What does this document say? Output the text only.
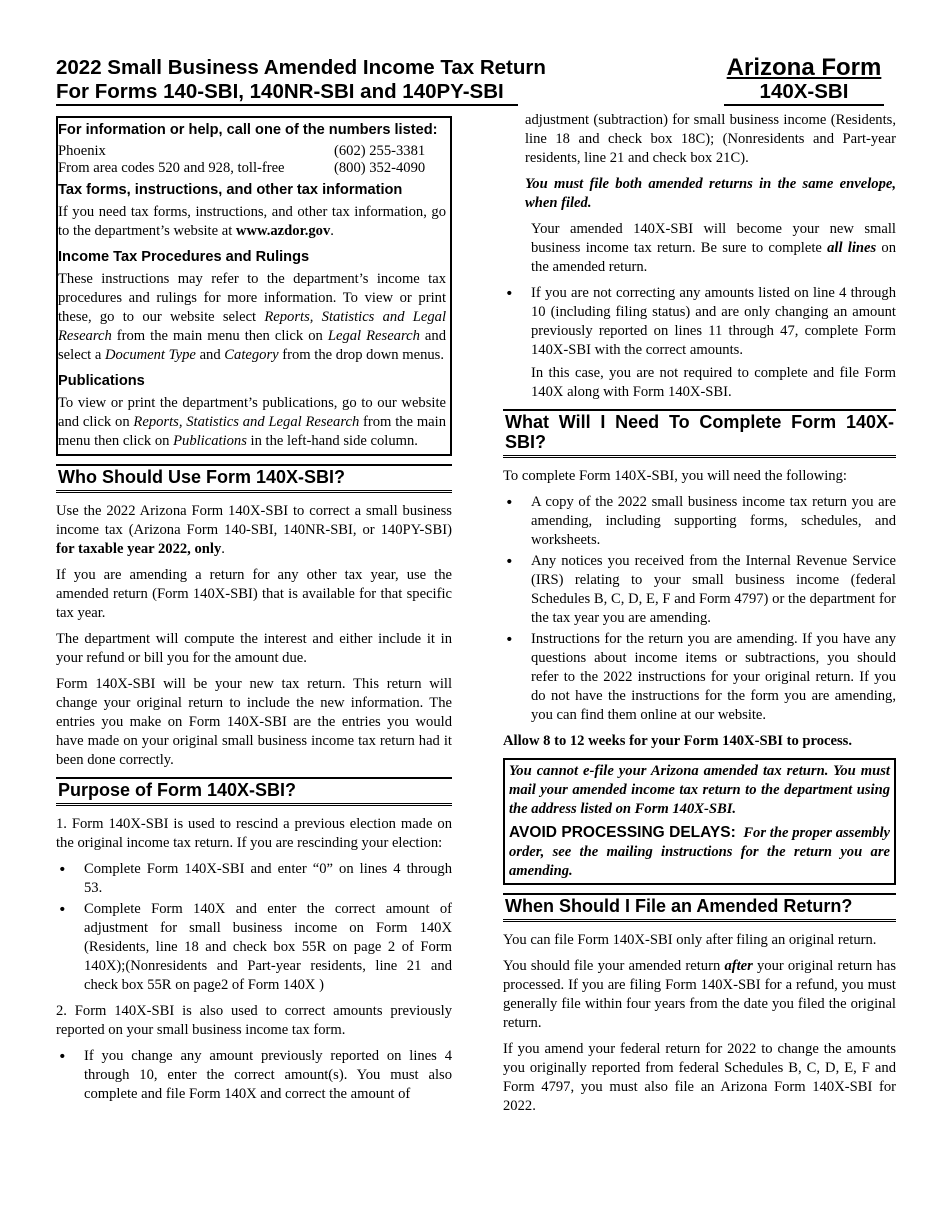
2022 Small Business Amended Income Tax Return
For Forms 140-SBI, 140NR-SBI and 140PY-SBI
Arizona Form
140X-SBI
For information or help, call one of the numbers listed:
Phoenix	(602) 255-3381
From area codes 520 and 928, toll-free	(800) 352-4090
Tax forms, instructions, and other tax information

If you need tax forms, instructions, and other tax information, go to the department’s website at www.azdor.gov.

Income Tax Procedures and Rulings

These instructions may refer to the department’s income tax procedures and rulings for more information. To view or print these, go to our website select Reports, Statistics and Legal Research from the main menu then click on Legal Research and select a Document Type and Category from the drop down menus.

Publications

To view or print the department’s publications, go to our website and click on Reports, Statistics and Legal Research from the main menu then click on Publications in the left-hand side column.

Who Should Use Form 140X-SBI?

Use the 2022 Arizona Form 140X-SBI to correct a small business income tax (Arizona Form 140-SBI, 140NR-SBI, or 140PY-SBI) for taxable year 2022, only.

If you are amending a return for any other tax year, use the amended return (Form 140X-SBI) that is available for that specific tax year.

The department will compute the interest and either include it in your refund or bill you for the amount due.

Form 140X-SBI will be your new tax return. This return will change your original return to include the new information. The entries you make on Form 140X-SBI are the entries you would have made on your original small business income tax return had it been done correctly.

Purpose of Form 140X-SBI?

1. Form 140X-SBI is used to rescind a previous election made on the original income tax return. If you are rescinding your election:

• Complete Form 140X-SBI and enter “0” on lines 4 through 53.
• Complete Form 140X and enter the correct amount of adjustment for small business income on Form 140X (Residents, line 18 and check box 55R on page 2 of Form 140X);(Nonresidents and Part-year residents, line 21 and check box 55R on page2 of Form 140X )

2. Form 140X-SBI is also used to correct amounts previously reported on your small business income tax form.

• If you change any amount previously reported on lines 4 through 10, enter the correct amount(s). You must also complete and file Form 140X and correct the amount of

adjustment (subtraction) for small business income (Residents, line 18 and check box 18C); (Nonresidents and Part-year residents, line 21 and check box 21C).

You must file both amended returns in the same envelope, when filed.

Your amended 140X-SBI will become your new small business income tax return. Be sure to complete all lines on the amended return.

• If you are not correcting any amounts listed on line 4 through 10 (including filing status) and are only changing an amount previously reported on lines 11 through 47, complete Form 140X-SBI with the correct amounts.

In this case, you are not required to complete and file Form 140X along with Form 140X-SBI.

What Will I Need To Complete Form 140X-SBI?

To complete Form 140X-SBI, you will need the following:

• A copy of the 2022 small business income tax return you are amending, including supporting forms, schedules, and worksheets.
• Any notices you received from the Internal Revenue Service (IRS) relating to your small business income (federal Schedules B, C, D, E, F and Form 4797) or the department for the tax year you are amending.
• Instructions for the return you are amending. If you have any questions about income items or subtractions, you should refer to the 2022 instructions for your original return. If you do not have the instructions for the form you are amending, you can find them online at our website.

Allow 8 to 12 weeks for your Form 140X-SBI to process.

You cannot e-file your Arizona amended tax return. You must mail your amended income tax return to the department using the address listed on Form 140X-SBI.

AVOID PROCESSING DELAYS: For the proper assembly order, see the mailing instructions for the return you are amending.

When Should I File an Amended Return?

You can file Form 140X-SBI only after filing an original return.

You should file your amended return after your original return has processed. If you are filing Form 140X-SBI for a refund, you must generally file within four years from the date you filed the original return.

If you amend your federal return for 2022 to change the amounts you originally reported from federal Schedules B, C, D, E, F and Form 4797, you must also file an Arizona Form 140X-SBI for 2022.
